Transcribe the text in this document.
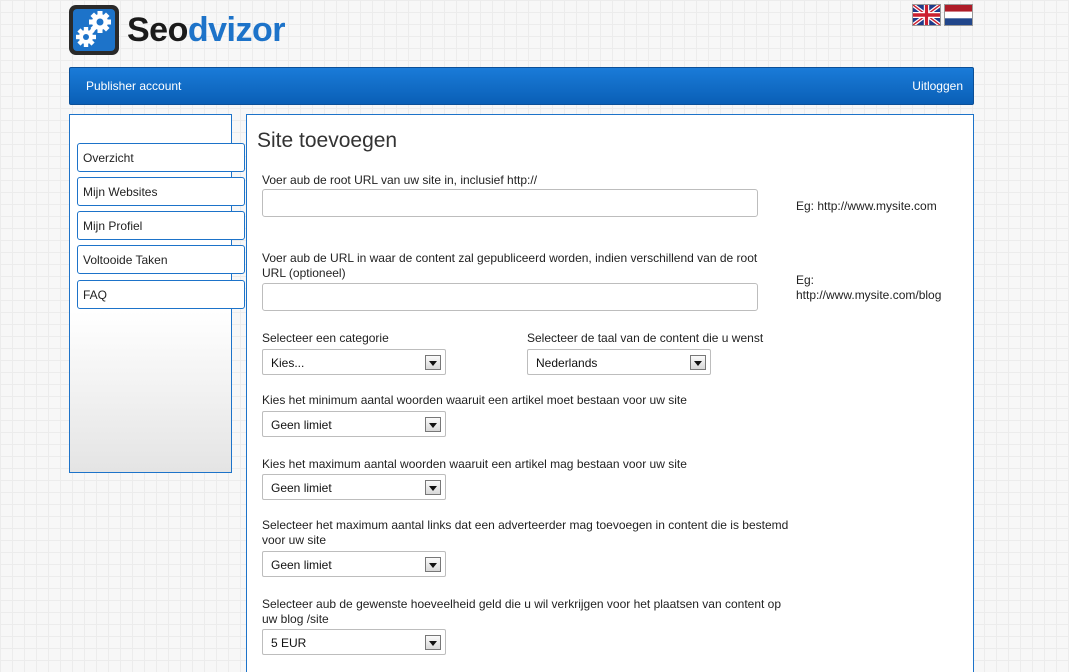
Seodvizor
Publisher account	Uitloggen
Overzicht
Mijn Websites
Mijn Profiel
Voltooide Taken
FAQ
Site toevoegen
Voer aub de root URL van uw site in, inclusief http://
Eg: http://www.mysite.com
Voer aub de URL in waar de content zal gepubliceerd worden, indien verschillend van de root URL (optioneel)	Eg:
http://www.mysite.com/blog
Selecteer een categorie
Kies...
Selecteer de taal van de content die u wenst
Nederlands
Kies het minimum aantal woorden waaruit een artikel moet bestaan voor uw site
Geen limiet
Kies het maximum aantal woorden waaruit een artikel mag bestaan voor uw site
Geen limiet
Selecteer het maximum aantal links dat een adverteerder mag toevoegen in content die is bestemd voor uw site
Geen limiet
Selecteer aub de gewenste hoeveelheid geld die u wil verkrijgen voor het plaatsen van content op uw blog /site
5 EUR
